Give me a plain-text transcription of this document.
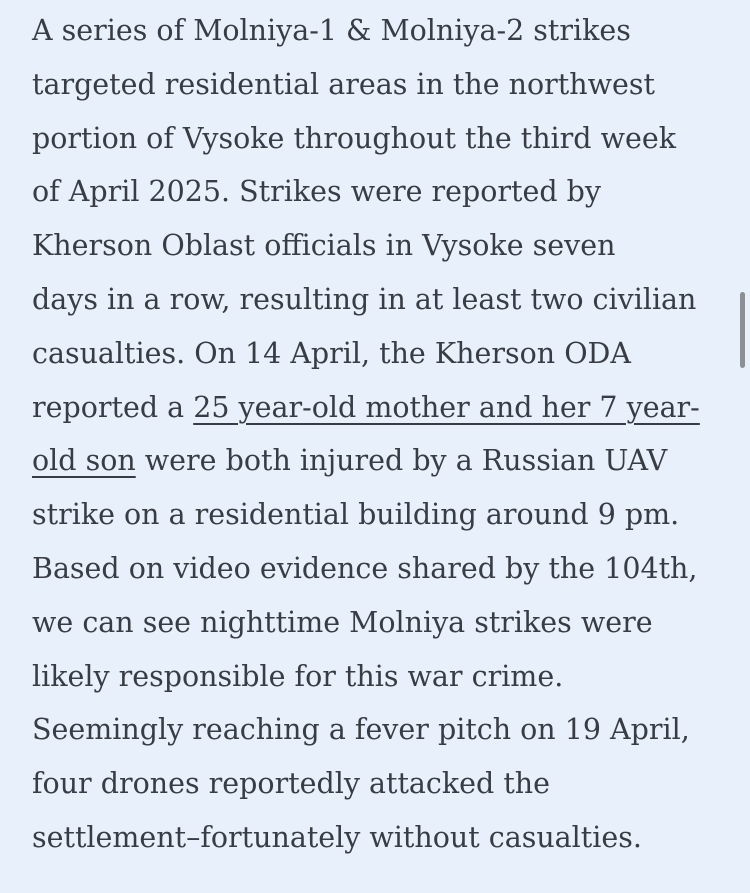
A series of Molniya-1 & Molniya-2 strikes
targeted residential areas in the northwest
portion of Vysoke throughout the third week
of April 2025. Strikes were reported by
Kherson Oblast officials in Vysoke seven
days in a row, resulting in at least two civilian
casualties. On 14 April, the Kherson ODA
reported a 25 year-old mother and her 7 year-
old son were both injured by a Russian UAV
strike on a residential building around 9 pm.
Based on video evidence shared by the 104th,
we can see nighttime Molniya strikes were
likely responsible for this war crime.
Seemingly reaching a fever pitch on 19 April,
four drones reportedly attacked the
settlement–fortunately without casualties.
